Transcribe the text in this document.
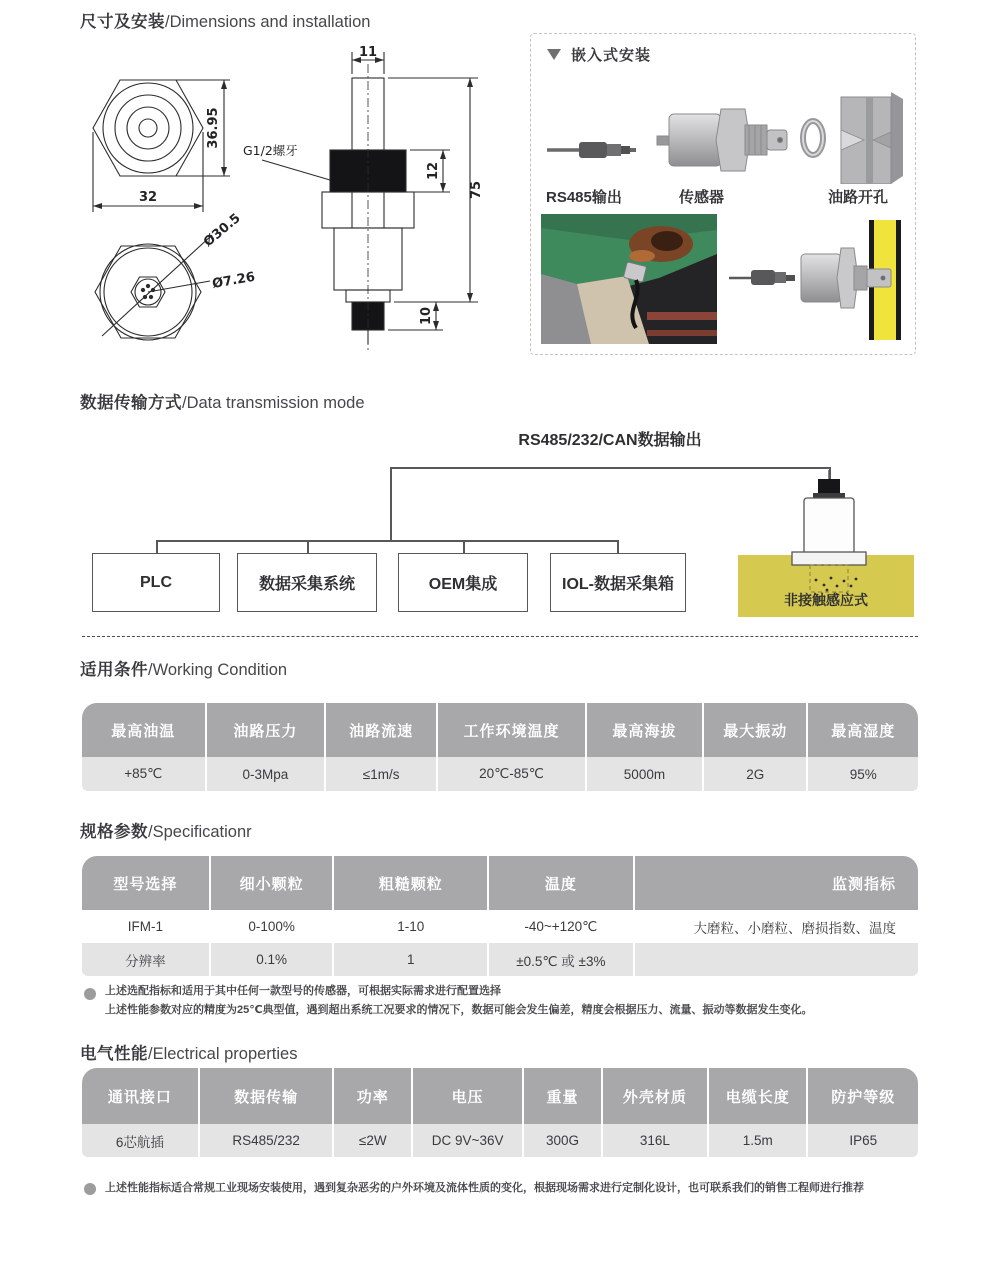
尺寸及安装/Dimensions and installation
36.95
32
Ø30.5
Ø7.26
11
75
12
10
G1/2螺牙
嵌入式安装
RS485输出	传感器	油路开孔
数据传输方式/Data transmission mode
RS485/232/CAN数据输出
PLC	数据采集系统	OEM集成	IOL-数据采集箱
非接触感应式
适用条件/Working Condition
最高油温	油路压力	油路流速	工作环境温度	最高海拔	最大振动	最高湿度
+85℃	0-3Mpa	≤1m/s	20℃-85℃	5000m	2G	95%
规格参数/Specificationr
型号选择	细小颗粒	粗糙颗粒	温度	监测指标
IFM-1	0-100%	1-10	-40~+120℃	大磨粒、小磨粒、磨损指数、温度
分辨率	0.1%	1	±0.5℃ 或 ±3%
上述选配指标和适用于其中任何一款型号的传感器，可根据实际需求进行配置选择
上述性能参数对应的精度为25℃典型值，遇到超出系统工况要求的情况下，数据可能会发生偏差，精度会根据压力、流量、振动等数据发生变化。
电气性能/Electrical properties
通讯接口	数据传输	功率	电压	重量	外壳材质	电缆长度	防护等级
6芯航插	RS485/232	≤2W	DC 9V~36V	300G	316L	1.5m	IP65
上述性能指标适合常规工业现场安装使用，遇到复杂恶劣的户外环境及流体性质的变化，根据现场需求进行定制化设计，也可联系我们的销售工程师进行推荐
